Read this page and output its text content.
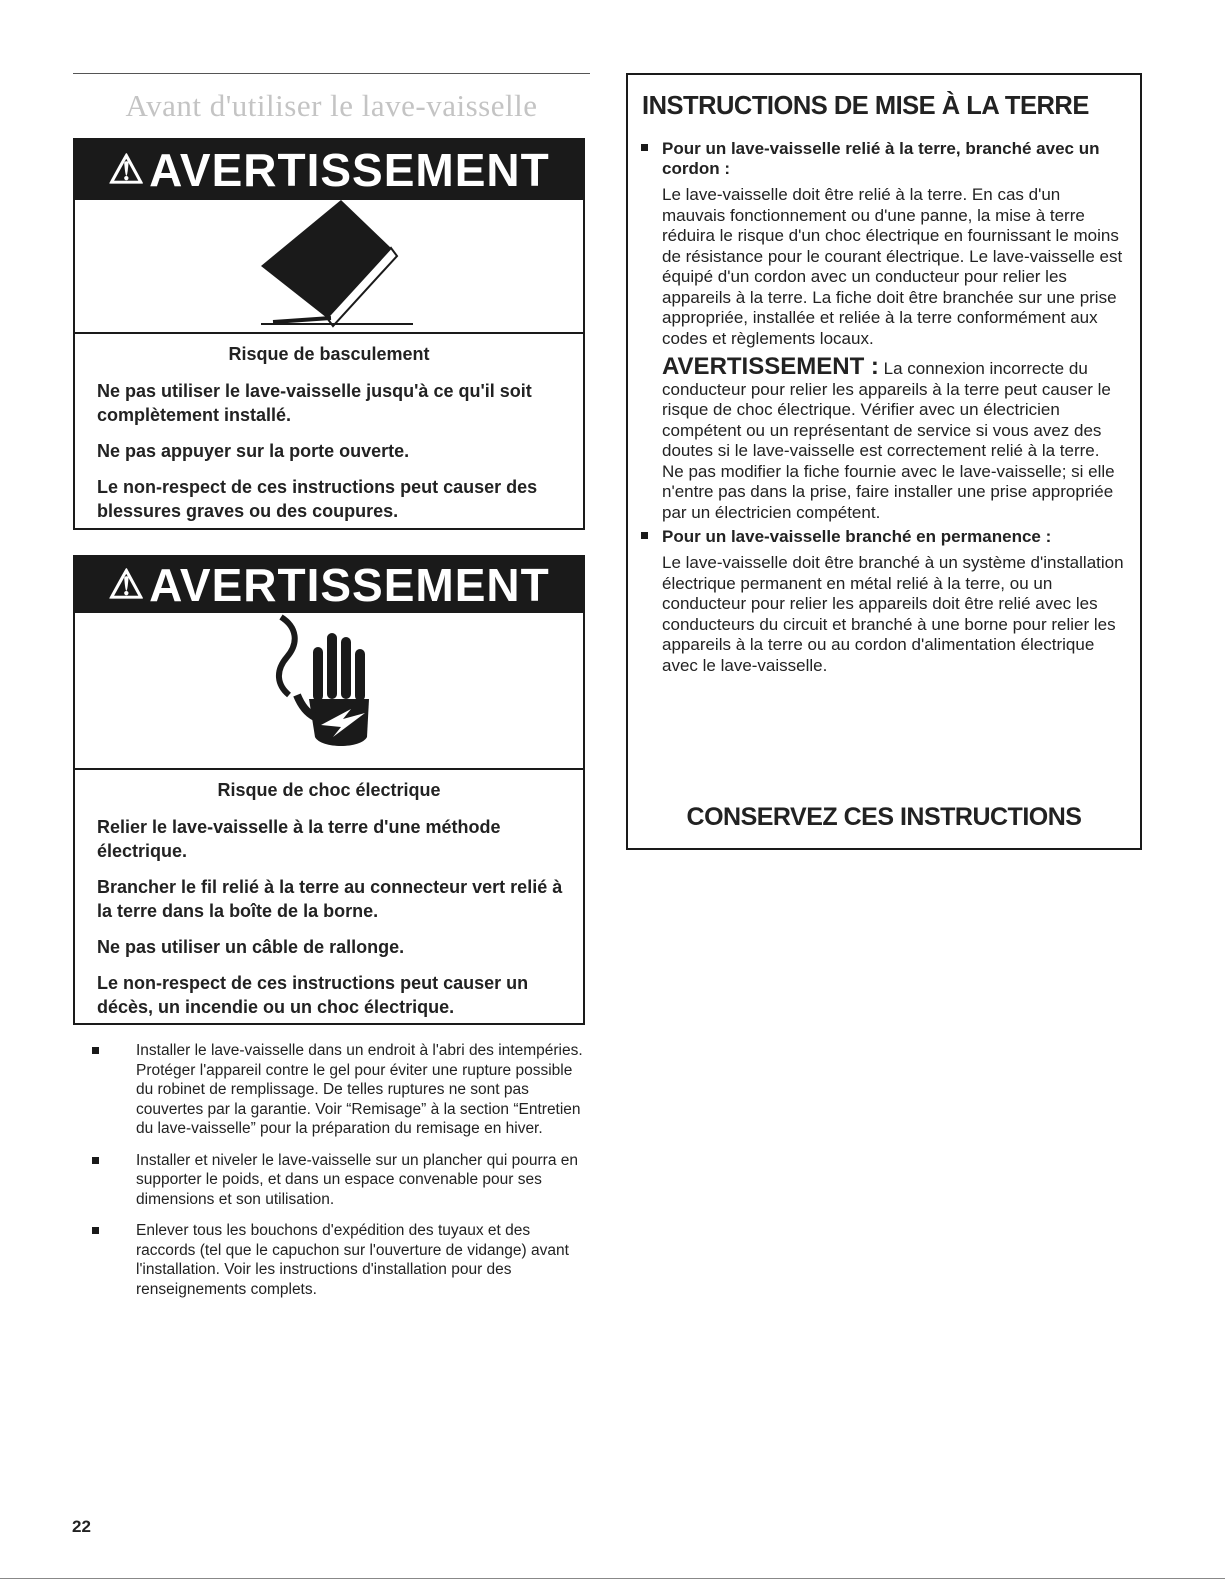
Avant d'utiliser le lave-vaisselle
⚠ AVERTISSEMENT
Risque de basculement
Ne pas utiliser le lave-vaisselle jusqu'à ce qu'il soit complètement installé.
Ne pas appuyer sur la porte ouverte.
Le non-respect de ces instructions peut causer des blessures graves ou des coupures.
⚠ AVERTISSEMENT
Risque de choc électrique
Relier le lave-vaisselle à la terre d'une méthode électrique.
Brancher le fil relié à la terre au connecteur vert relié à la terre dans la boîte de la borne.
Ne pas utiliser un câble de rallonge.
Le non-respect de ces instructions peut causer un décès, un incendie ou un choc électrique.
Installer le lave-vaisselle dans un endroit à l'abri des intempéries. Protéger l'appareil contre le gel pour éviter une rupture possible du robinet de remplissage. De telles ruptures ne sont pas couvertes par la garantie. Voir “Remisage” à la section “Entretien du lave-vaisselle” pour la préparation du remisage en hiver.
Installer et niveler le lave-vaisselle sur un plancher qui pourra en supporter le poids, et dans un espace convenable pour ses dimensions et son utilisation.
Enlever tous les bouchons d'expédition des tuyaux et des raccords (tel que le capuchon sur l'ouverture de vidange) avant l'installation. Voir les instructions d'installation pour des renseignements complets.
22
INSTRUCTIONS DE MISE À LA TERRE
Pour un lave-vaisselle relié à la terre, branché avec un cordon :
Le lave-vaisselle doit être relié à la terre. En cas d'un mauvais fonctionnement ou d'une panne, la mise à terre réduira le risque d'un choc électrique en fournissant le moins de résistance pour le courant électrique. Le lave-vaisselle est équipé d'un cordon avec un conducteur pour relier les appareils à la terre. La fiche doit être branchée sur une prise appropriée, installée et reliée à la terre conformément aux codes et règlements locaux.
AVERTISSEMENT : La connexion incorrecte du conducteur pour relier les appareils à la terre peut causer le risque de choc électrique. Vérifier avec un électricien compétent ou un représentant de service si vous avez des doutes si le lave-vaisselle est correctement relié à la terre. Ne pas modifier la fiche fournie avec le lave-vaisselle; si elle n'entre pas dans la prise, faire installer une prise appropriée par un électricien compétent.
Pour un lave-vaisselle branché en permanence :
Le lave-vaisselle doit être branché à un système d'installation électrique permanent en métal relié à la terre, ou un conducteur pour relier les appareils doit être relié avec les conducteurs du circuit et branché à une borne pour relier les appareils à la terre ou au cordon d'alimentation électrique avec le lave-vaisselle.
CONSERVEZ CES INSTRUCTIONS
